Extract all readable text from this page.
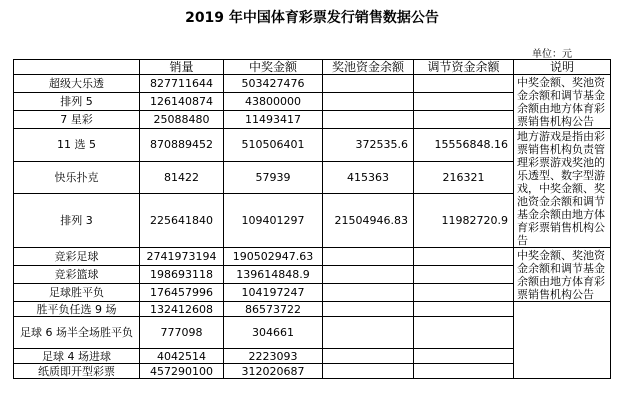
2019 年中国体育彩票发行销售数据公告
单位：元
	销量	中奖金额	奖池资金余额	调节资金余额	说明
超级大乐透	827711644	503427476			中奖金额、奖池资金余额和调节基金余额由地方体育彩票销售机构公告
排列 5	126140874	43800000			
7 星彩	25088480	11493417			
11 选 5	870889452	510506401	372535.6	15556848.16	地方游戏是指由彩票销售机构负责管理彩票游戏奖池的乐透型、数字型游戏，中奖金额、奖池资金余额和调节基金余额由地方体育彩票销售机构公告
快乐扑克	81422	57939	415363	216321	
排列 3	225641840	109401297	21504946.83	11982720.9	
竞彩足球	2741973194	190502947.63			中奖金额、奖池资金余额和调节基金余额由地方体育彩票销售机构公告
竞彩篮球	198693118	139614848.9			
足球胜平负	176457996	104197247			
胜平负任选 9 场	132412608	86573722			
足球 6 场半全场胜平负	777098	304661			
足球 4 场进球	4042514	2223093			
纸质即开型彩票	457290100	312020687			
